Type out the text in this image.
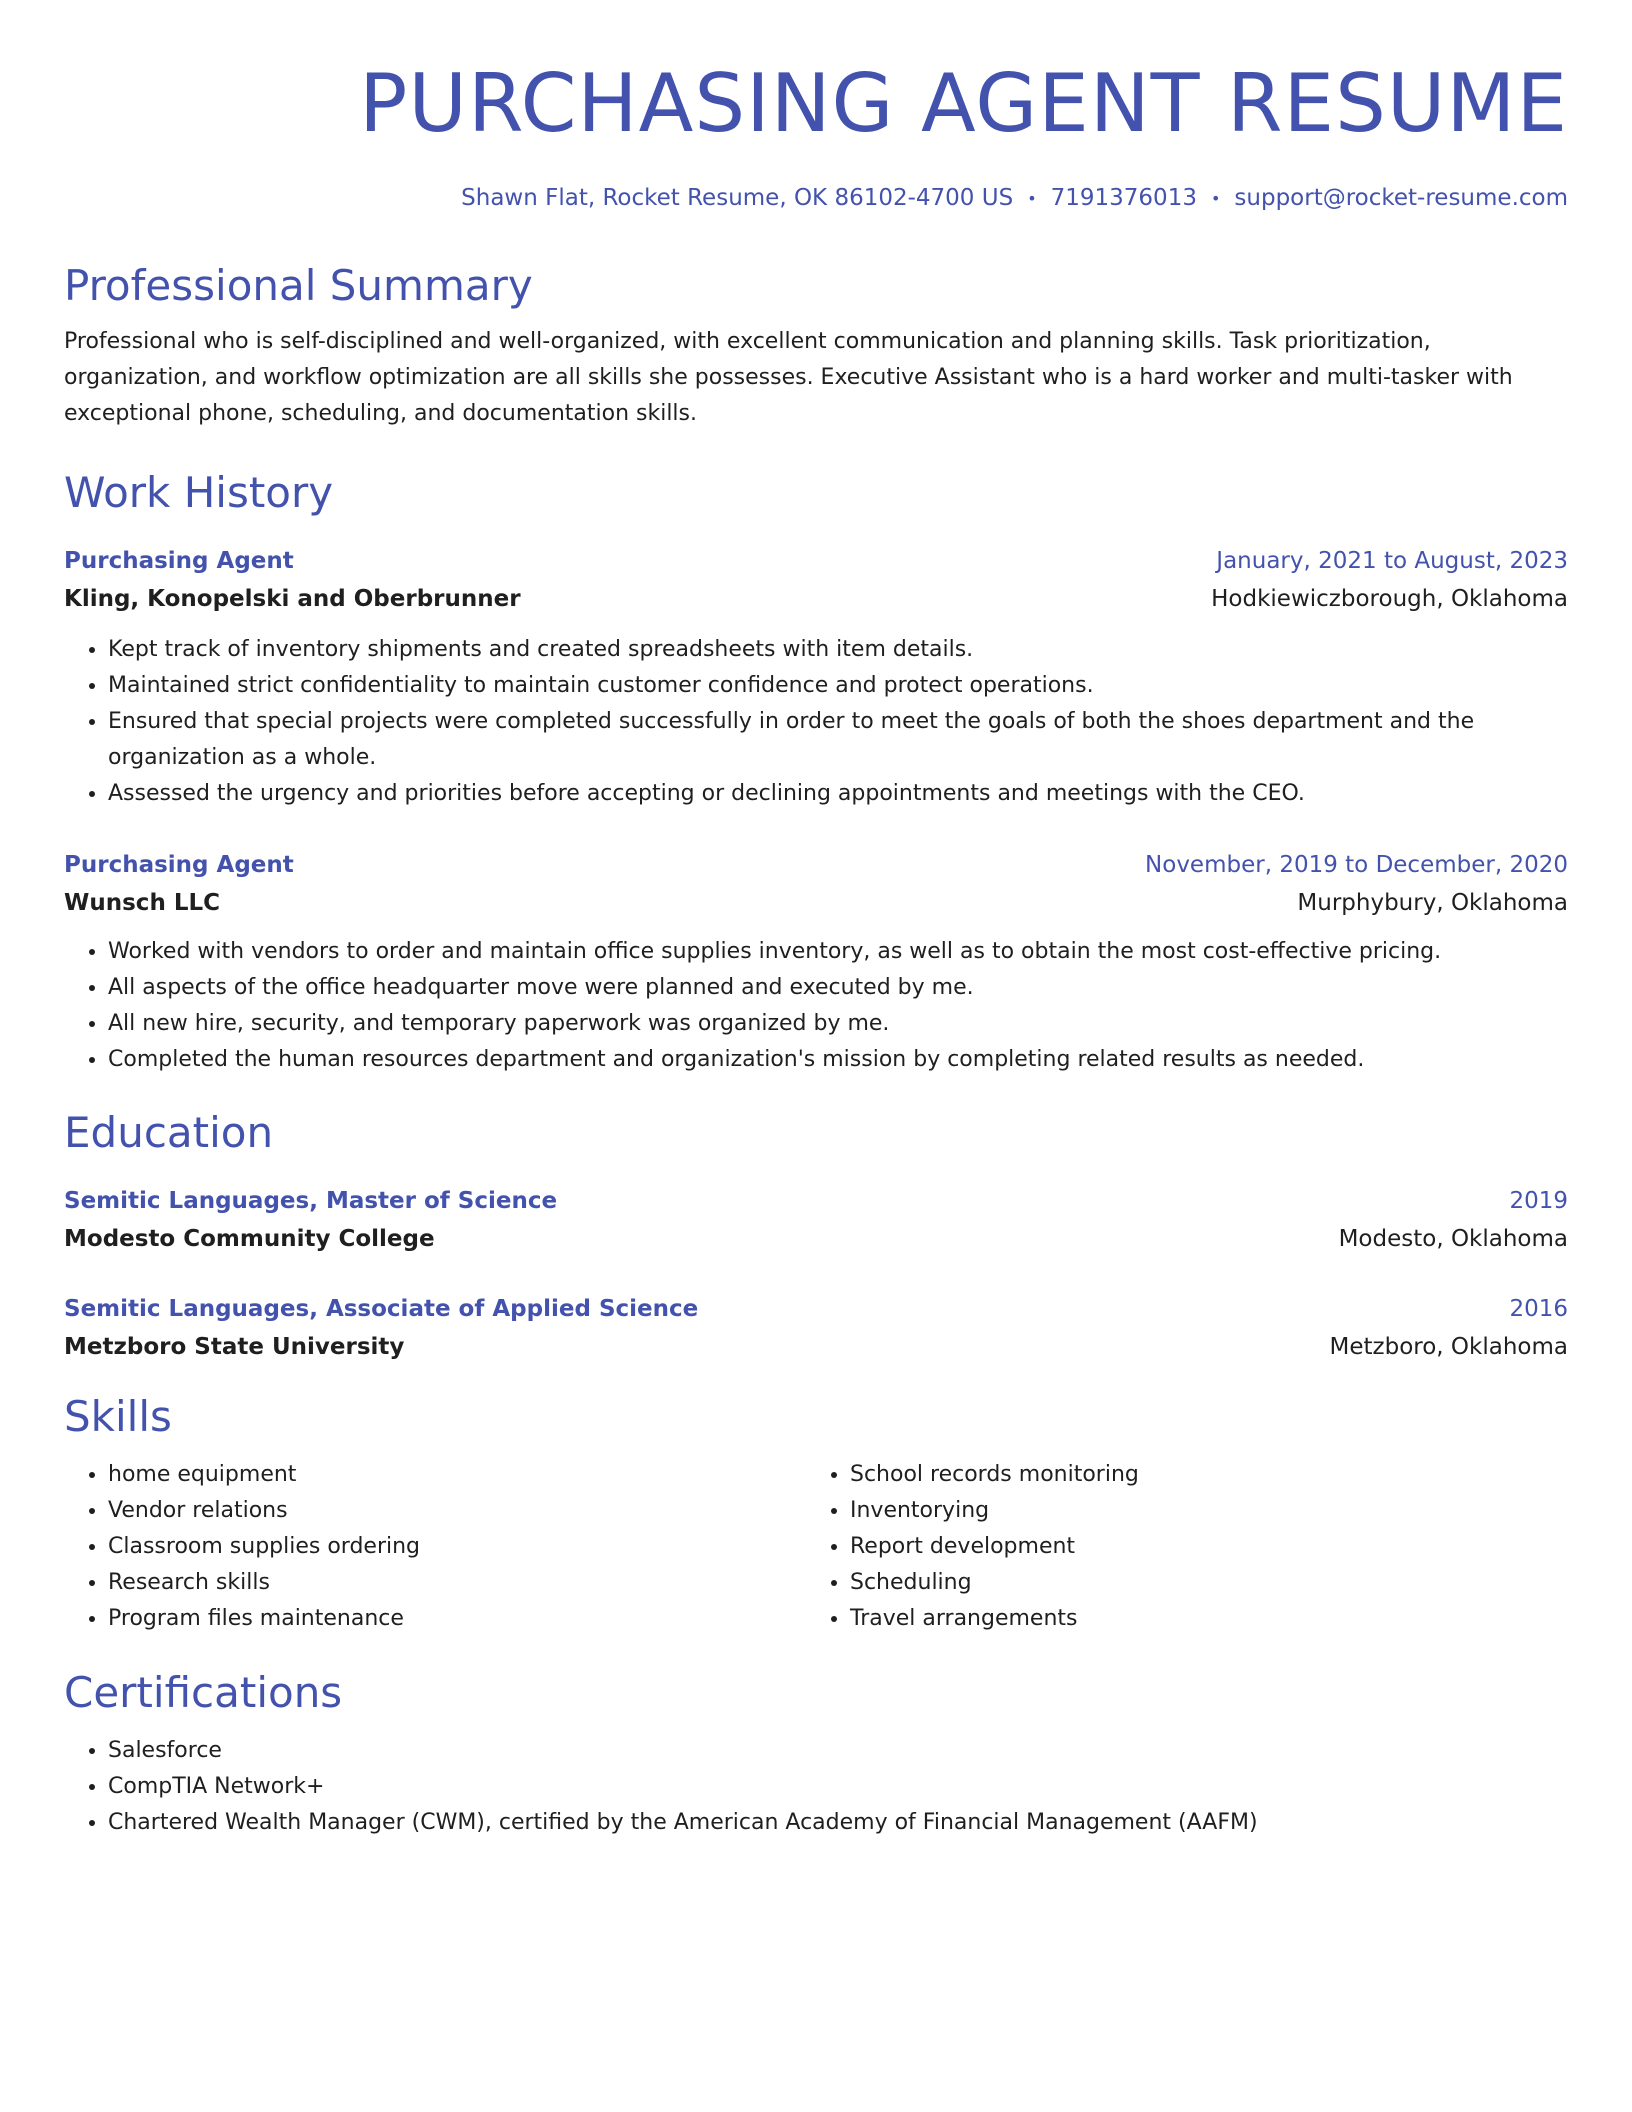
PURCHASING AGENT RESUME
Shawn Flat, Rocket Resume, OK 86102-4700 US • 7191376013 • support@rocket-resume.com
Professional Summary

Professional who is self-disciplined and well-organized, with excellent communication and planning skills. Task prioritization, organization, and workflow optimization are all skills she possesses. Executive Assistant who is a hard worker and multi-tasker with exceptional phone, scheduling, and documentation skills.

Work History
Purchasing Agent	January, 2021 to August, 2023
Kling, Konopelski and Oberbrunner	Hodkiewiczborough, Oklahoma
• Kept track of inventory shipments and created spreadsheets with item details.
• Maintained strict confidentiality to maintain customer confidence and protect operations.
• Ensured that special projects were completed successfully in order to meet the goals of both the shoes department and the organization as a whole.
• Assessed the urgency and priorities before accepting or declining appointments and meetings with the CEO.
Purchasing Agent	November, 2019 to December, 2020
Wunsch LLC	Murphybury, Oklahoma
• Worked with vendors to order and maintain office supplies inventory, as well as to obtain the most cost-effective pricing.
• All aspects of the office headquarter move were planned and executed by me.
• All new hire, security, and temporary paperwork was organized by me.
• Completed the human resources department and organization's mission by completing related results as needed.
Education
Semitic Languages, Master of Science	2019
Modesto Community College	Modesto, Oklahoma
Semitic Languages, Associate of Applied Science	2016
Metzboro State University	Metzboro, Oklahoma
Skills
• home equipment
• Vendor relations
• Classroom supplies ordering
• Research skills
• Program files maintenance
• School records monitoring
• Inventorying
• Report development
• Scheduling
• Travel arrangements
Certifications
• Salesforce
• CompTIA Network+
• Chartered Wealth Manager (CWM), certified by the American Academy of Financial Management (AAFM)
